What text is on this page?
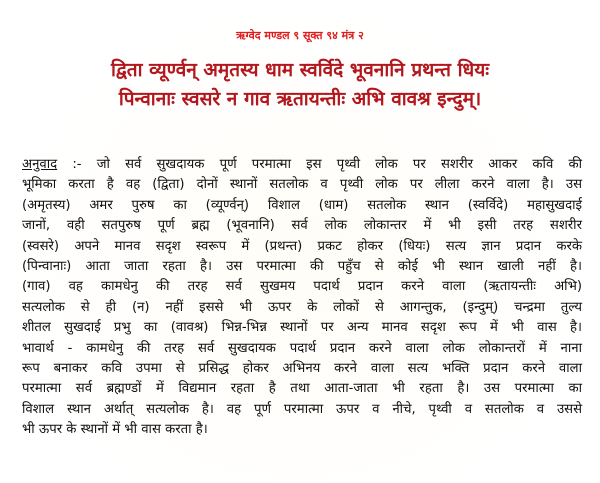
ऋग्वेद मण्डल ९ सूक्त ९४ मंत्र २
द्विता व्यूर्ण्वन् अमृतस्य धाम स्वर्विदे भूवनानि प्रथन्त धियः
पिन्वानाः स्वसरे न गाव ऋतायन्तीः अभि वावश्र इन्दुम्।
अनुवाद :- जो सर्व सुखदायक पूर्ण परमात्मा इस पृथ्वी लोक पर सशरीर आकर कवि की
भूमिका करता है वह (द्विता) दोनों स्थानों सतलोक व पृथ्वी लोक पर लीला करने वाला है। उस
(अमृतस्य) अमर पुरुष का (व्यूर्ण्वन्) विशाल (धाम) सतलोक स्थान (स्वर्विदे) महासुखदाई
जानों, वही सतपुरुष पूर्ण ब्रह्म (भूवनानि) सर्व लोक लोकान्तर में भी इसी तरह सशरीर
(स्वसरे) अपने मानव सदृश स्वरूप में (प्रथन्त) प्रकट होकर (धियः) सत्य ज्ञान प्रदान करके
(पिन्वानाः) आता जाता रहता है। उस परमात्मा की पहुँच से कोई भी स्थान खाली नहीं है।
(गाव) वह कामधेनु की तरह सर्व सुखमय पदार्थ प्रदान करने वाला (ऋतायन्तीः अभि)
सत्यलोक से ही (न) नहीं इससे भी ऊपर के लोकों से आगन्तुक, (इन्दुम्) चन्द्रमा तुल्य
शीतल सुखदाई प्रभु का (वावश्र) भिन्न-भिन्न स्थानों पर अन्य मानव सदृश रूप में भी वास है।
भावार्थ - कामधेनु की तरह सर्व सुखदायक पदार्थ प्रदान करने वाला लोक लोकान्तरों में नाना
रूप बनाकर कवि उपमा से प्रसिद्ध होकर अभिनय करने वाला सत्य भक्ति प्रदान करने वाला
परमात्मा सर्व ब्रह्मण्डों में विद्यमान रहता है तथा आता-जाता भी रहता है। उस परमात्मा का
विशाल स्थान अर्थात् सत्यलोक है। वह पूर्ण परमात्मा ऊपर व नीचे, पृथ्वी व सतलोक व उससे
भी ऊपर के स्थानों में भी वास करता है।
